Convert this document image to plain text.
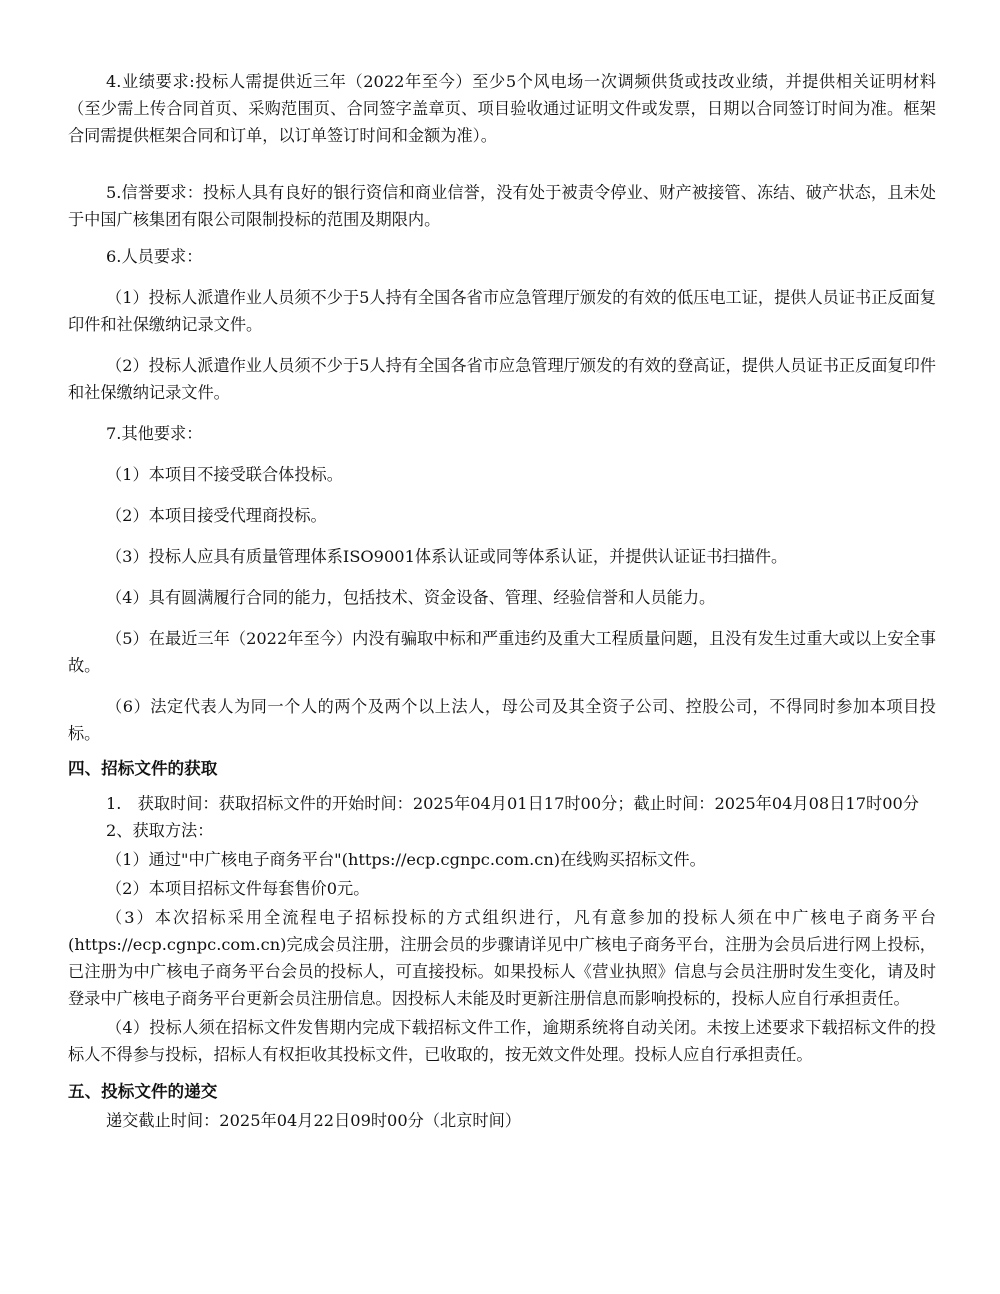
4.业绩要求:投标人需提供近三年（2022年至今）至少5个风电场一次调频供货或技改业绩，并提供相关证明材料（至少需上传合同首页、采购范围页、合同签字盖章页、项目验收通过证明文件或发票，日期以合同签订时间为准。框架合同需提供框架合同和订单，以订单签订时间和金额为准）。

5.信誉要求：投标人具有良好的银行资信和商业信誉，没有处于被责令停业、财产被接管、冻结、破产状态，且未处于中国广核集团有限公司限制投标的范围及期限内。

6.人员要求：

（1）投标人派遣作业人员须不少于5人持有全国各省市应急管理厅颁发的有效的低压电工证，提供人员证书正反面复印件和社保缴纳记录文件。

（2）投标人派遣作业人员须不少于5人持有全国各省市应急管理厅颁发的有效的登高证，提供人员证书正反面复印件和社保缴纳记录文件。

7.其他要求：

（1）本项目不接受联合体投标。

（2）本项目接受代理商投标。

（3）投标人应具有质量管理体系ISO9001体系认证或同等体系认证，并提供认证证书扫描件。

（4）具有圆满履行合同的能力，包括技术、资金设备、管理、经验信誉和人员能力。

（5）在最近三年（2022年至今）内没有骗取中标和严重违约及重大工程质量问题，且没有发生过重大或以上安全事故。

（6）法定代表人为同一个人的两个及两个以上法人，母公司及其全资子公司、控股公司，不得同时参加本项目投标。

四、招标文件的获取

1.　获取时间：获取招标文件的开始时间：2025年04月01日17时00分；截止时间：2025年04月08日17时00分

2、获取方法：

（1）通过"中广核电子商务平台"(https://ecp.cgnpc.com.cn)在线购买招标文件。

（2）本项目招标文件每套售价0元。

（3）本次招标采用全流程电子招标投标的方式组织进行，凡有意参加的投标人须在中广核电子商务平台(https://ecp.cgnpc.com.cn)完成会员注册，注册会员的步骤请详见中广核电子商务平台，注册为会员后进行网上投标，已注册为中广核电子商务平台会员的投标人，可直接投标。如果投标人《营业执照》信息与会员注册时发生变化，请及时登录中广核电子商务平台更新会员注册信息。因投标人未能及时更新注册信息而影响投标的，投标人应自行承担责任。

（4）投标人须在招标文件发售期内完成下载招标文件工作，逾期系统将自动关闭。未按上述要求下载招标文件的投标人不得参与投标，招标人有权拒收其投标文件，已收取的，按无效文件处理。投标人应自行承担责任。

五、投标文件的递交

递交截止时间：2025年04月22日09时00分（北京时间）
